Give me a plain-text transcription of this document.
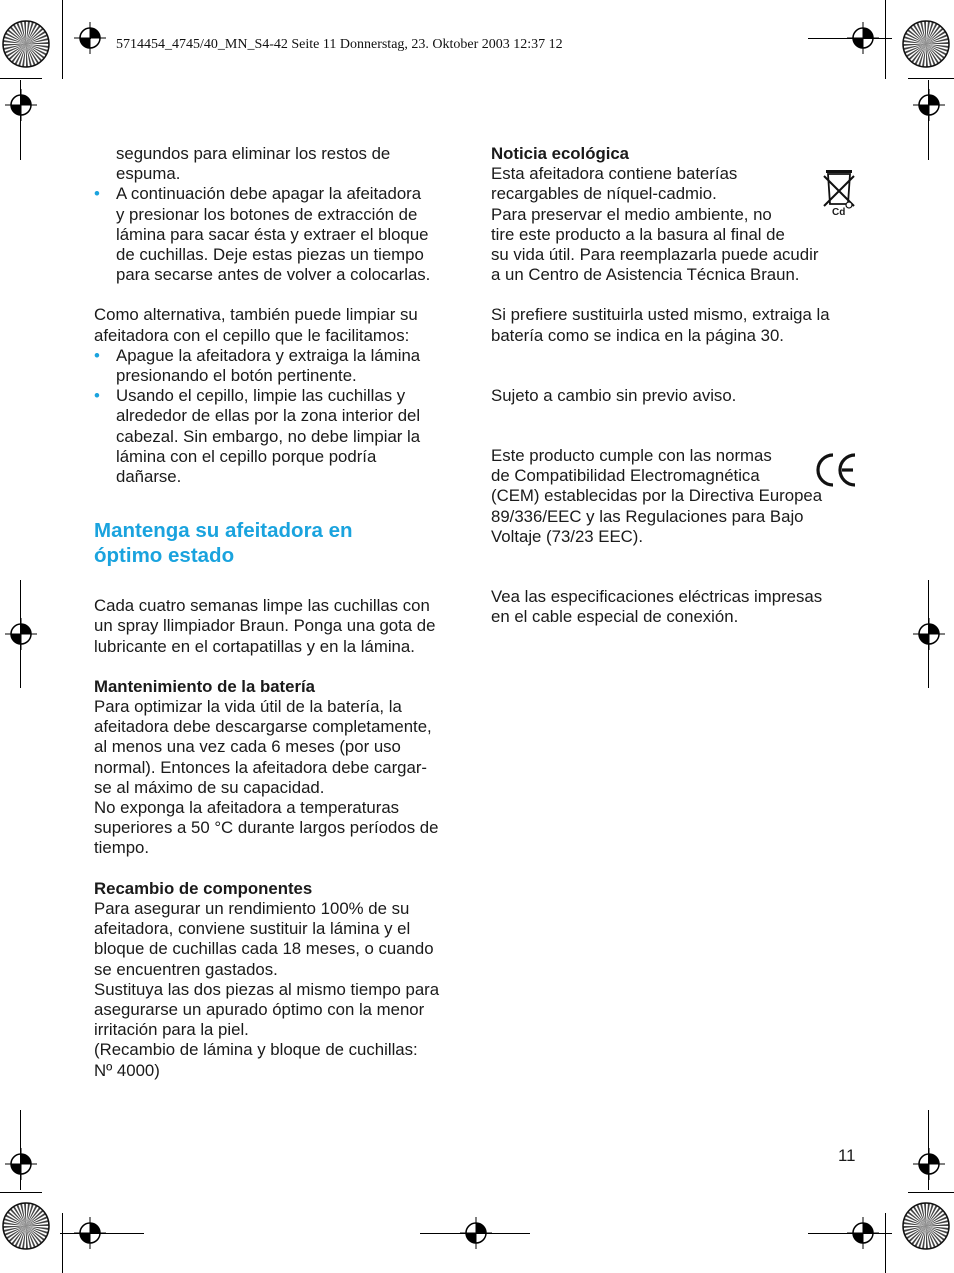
5714454_4745/40_MN_S4-42 Seite 11 Donnerstag, 23. Oktober 2003 12:37 12

segundos para eliminar los restos de
espuma.

• A continuación debe apagar la afeitadora
y presionar los botones de extracción de
lámina para sacar ésta y extraer el bloque
de cuchillas. Deje estas piezas un tiempo
para secarse antes de volver a colocarlas.

Como alternativa, también puede limpiar su
afeitadora con el cepillo que le facilitamos:

• Apague la afeitadora y extraiga la lámina
presionando el botón pertinente.

• Usando el cepillo, limpie las cuchillas y
alrededor de ellas por la zona interior del
cabezal. Sin embargo, no debe limpiar la
lámina con el cepillo porque podría
dañarse.

Mantenga su afeitadora en
óptimo estado

Cada cuatro semanas limpe las cuchillas con
un spray llimpiador Braun. Ponga una gota de
lubricante en el cortapatillas y en la lámina.

Mantenimiento de la batería

Para optimizar la vida útil de la batería, la
afeitadora debe descargarse completamente,
al menos una vez cada 6 meses (por uso
normal). Entonces la afeitadora debe cargar-
se al máximo de su capacidad.
No exponga la afeitadora a temperaturas
superiores a 50 °C durante largos períodos de
tiempo.

Recambio de componentes

Para asegurar un rendimiento 100% de su
afeitadora, conviene sustituir la lámina y el
bloque de cuchillas cada 18 meses, o cuando
se encuentren gastados.
Sustituya las dos piezas al mismo tiempo para
asegurarse un apurado óptimo con la menor
irritación para la piel.
(Recambio de lámina y bloque de cuchillas:
Nº 4000)

Noticia ecológica

Esta afeitadora contiene baterías
recargables de níquel-cadmio.
Para preservar el medio ambiente, no
tire este producto a la basura al final de
su vida útil. Para reemplazarla puede acudir
a un Centro de Asistencia Técnica Braun.

Si prefiere sustituirla usted mismo, extraiga la
batería como se indica en la página 30.

Sujeto a cambio sin previo aviso.

Este producto cumple con las normas
de Compatibilidad Electromagnética
(CEM) establecidas por la Directiva Europea
89/336/EEC y las Regulaciones para Bajo
Voltaje (73/23 EEC).

Vea las especificaciones eléctricas impresas
en el cable especial de conexión.

Cd
11
